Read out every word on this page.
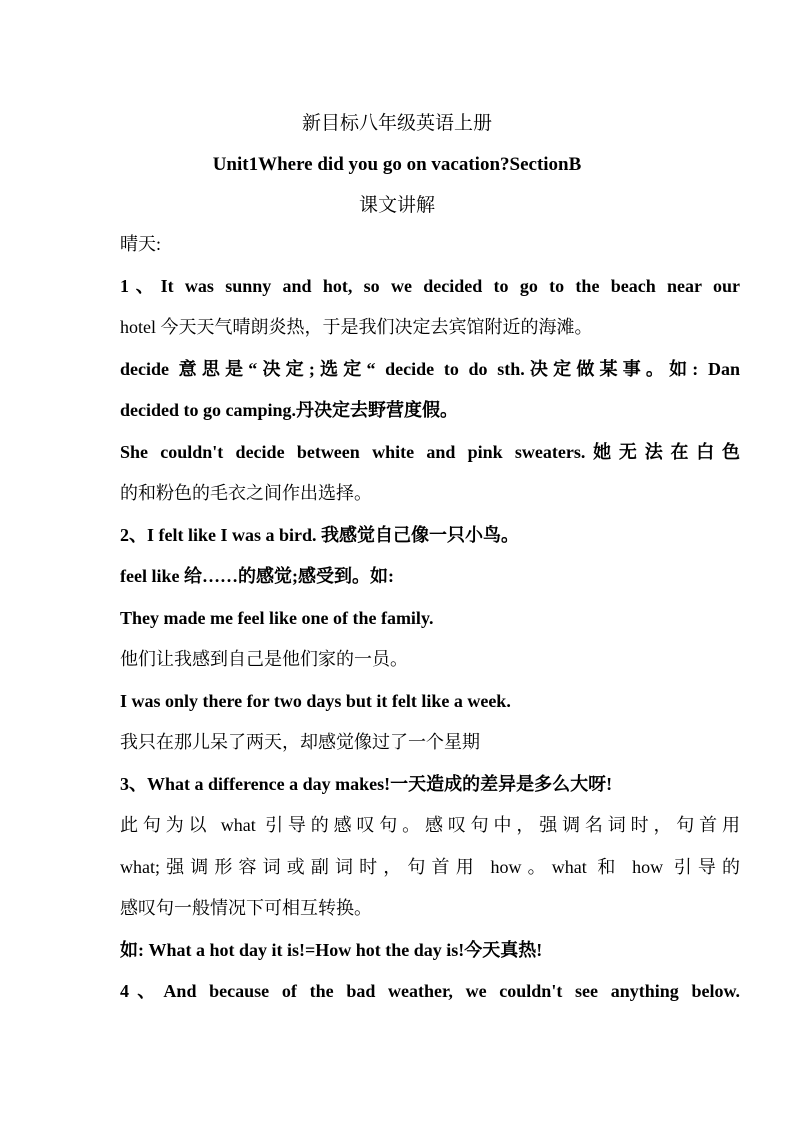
新目标八年级英语上册
Unit1Where did you go on vacation?SectionB
课文讲解
晴天:
1、It was sunny and hot, so we decided to go to the beach near our
hotel 今天天气晴朗炎热，于是我们决定去宾馆附近的海滩。
decide 意思是“决定;选定“ decide to do sth.决定做某事。如: Dan
decided to go camping.丹决定去野营度假。
She couldn't decide between white and pink sweaters.她无法在白色
的和粉色的毛衣之间作出选择。
2、I felt like I was a bird. 我感觉自己像一只小鸟。
feel like 给……的感觉;感受到。如:
They made me feel like one of the family.
他们让我感到自己是他们家的一员。
I was only there for two days but it felt like a week.
我只在那儿呆了两天，却感觉像过了一个星期
3、What a difference a day makes!一天造成的差异是多么大呀!
此句为以 what 引导的感叹句。感叹句中，强调名词时，句首用
what;强调形容词或副词时，句首用 how。what 和 how 引导的
感叹句一般情况下可相互转换。
如: What a hot day it is!=How hot the day is!今天真热!
4、And because of the bad weather, we couldn't see anything below.
